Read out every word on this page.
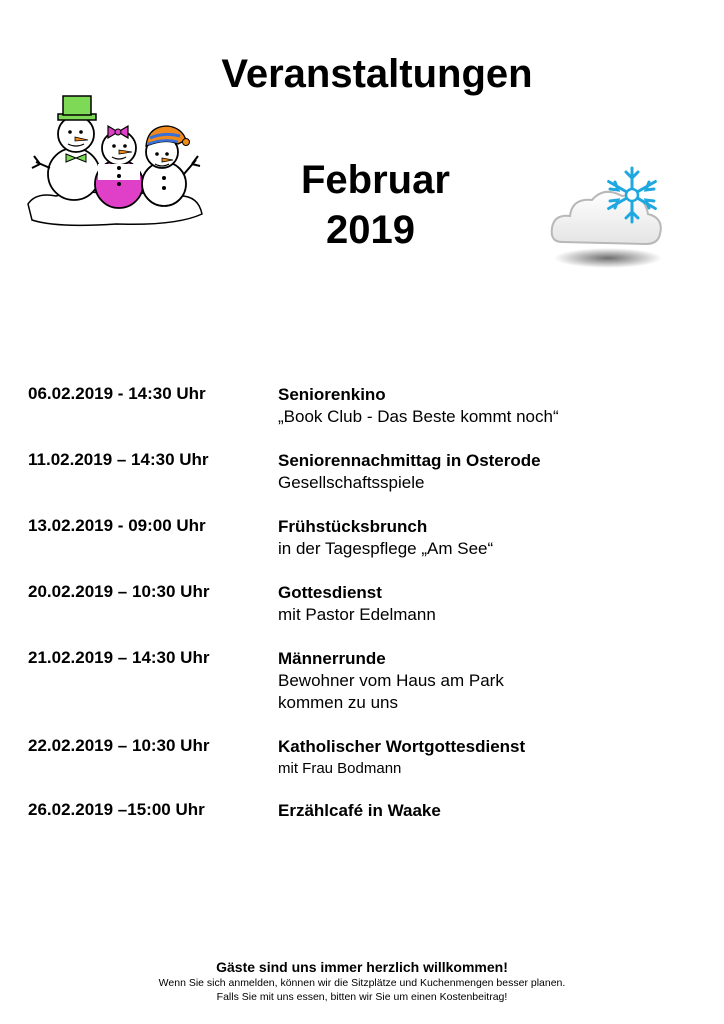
Veranstaltungen
Februar
2019
06.02.2019 - 14:30 Uhr	Seniorenkino
„Book Club - Das Beste kommt noch“
11.02.2019 – 14:30 Uhr	Seniorennachmittag in Osterode
Gesellschaftsspiele
13.02.2019 - 09:00 Uhr	Frühstücksbrunch
in der Tagespflege „Am See“
20.02.2019 – 10:30 Uhr	Gottesdienst
mit Pastor Edelmann
21.02.2019 – 14:30 Uhr	Männerrunde
Bewohner vom Haus am Park
kommen zu uns
22.02.2019 – 10:30 Uhr	Katholischer Wortgottesdienst
mit Frau Bodmann
26.02.2019 –15:00 Uhr	Erzählcafé in Waake
Gäste sind uns immer herzlich willkommen!
Wenn Sie sich anmelden, können wir die Sitzplätze und Kuchenmengen besser planen.
Falls Sie mit uns essen, bitten wir Sie um einen Kostenbeitrag!
